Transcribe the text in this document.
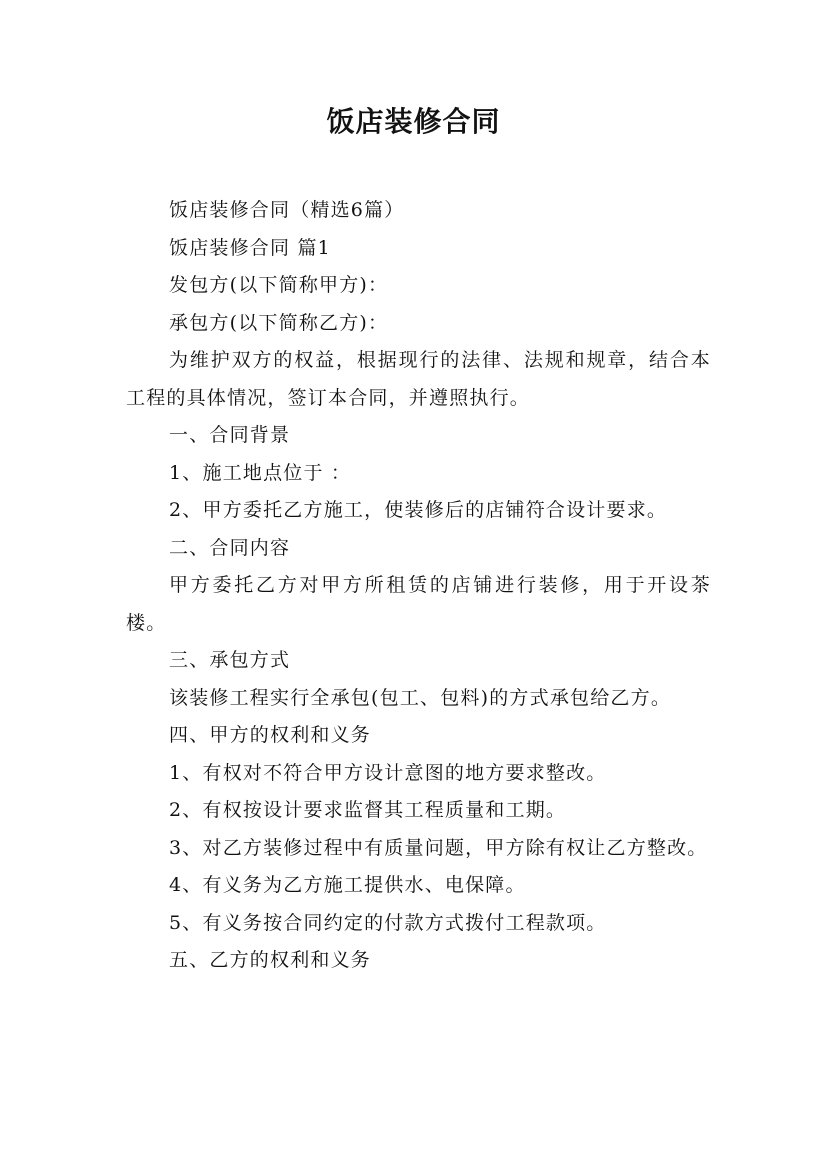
饭店装修合同

饭店装修合同（精选6篇）

饭店装修合同 篇1

发包方(以下简称甲方)：

承包方(以下简称乙方)：

为维护双方的权益，根据现行的法律、法规和规章，结合本工程的具体情况，签订本合同，并遵照执行。

一、合同背景

1、施工地点位于 ：

2、甲方委托乙方施工，使装修后的店铺符合设计要求。

二、合同内容

甲方委托乙方对甲方所租赁的店铺进行装修，用于开设茶楼。

三、承包方式

该装修工程实行全承包(包工、包料)的方式承包给乙方。

四、甲方的权利和义务

1、有权对不符合甲方设计意图的地方要求整改。

2、有权按设计要求监督其工程质量和工期。

3、对乙方装修过程中有质量问题，甲方除有权让乙方整改。

4、有义务为乙方施工提供水、电保障。

5、有义务按合同约定的付款方式拨付工程款项。

五、乙方的权利和义务
